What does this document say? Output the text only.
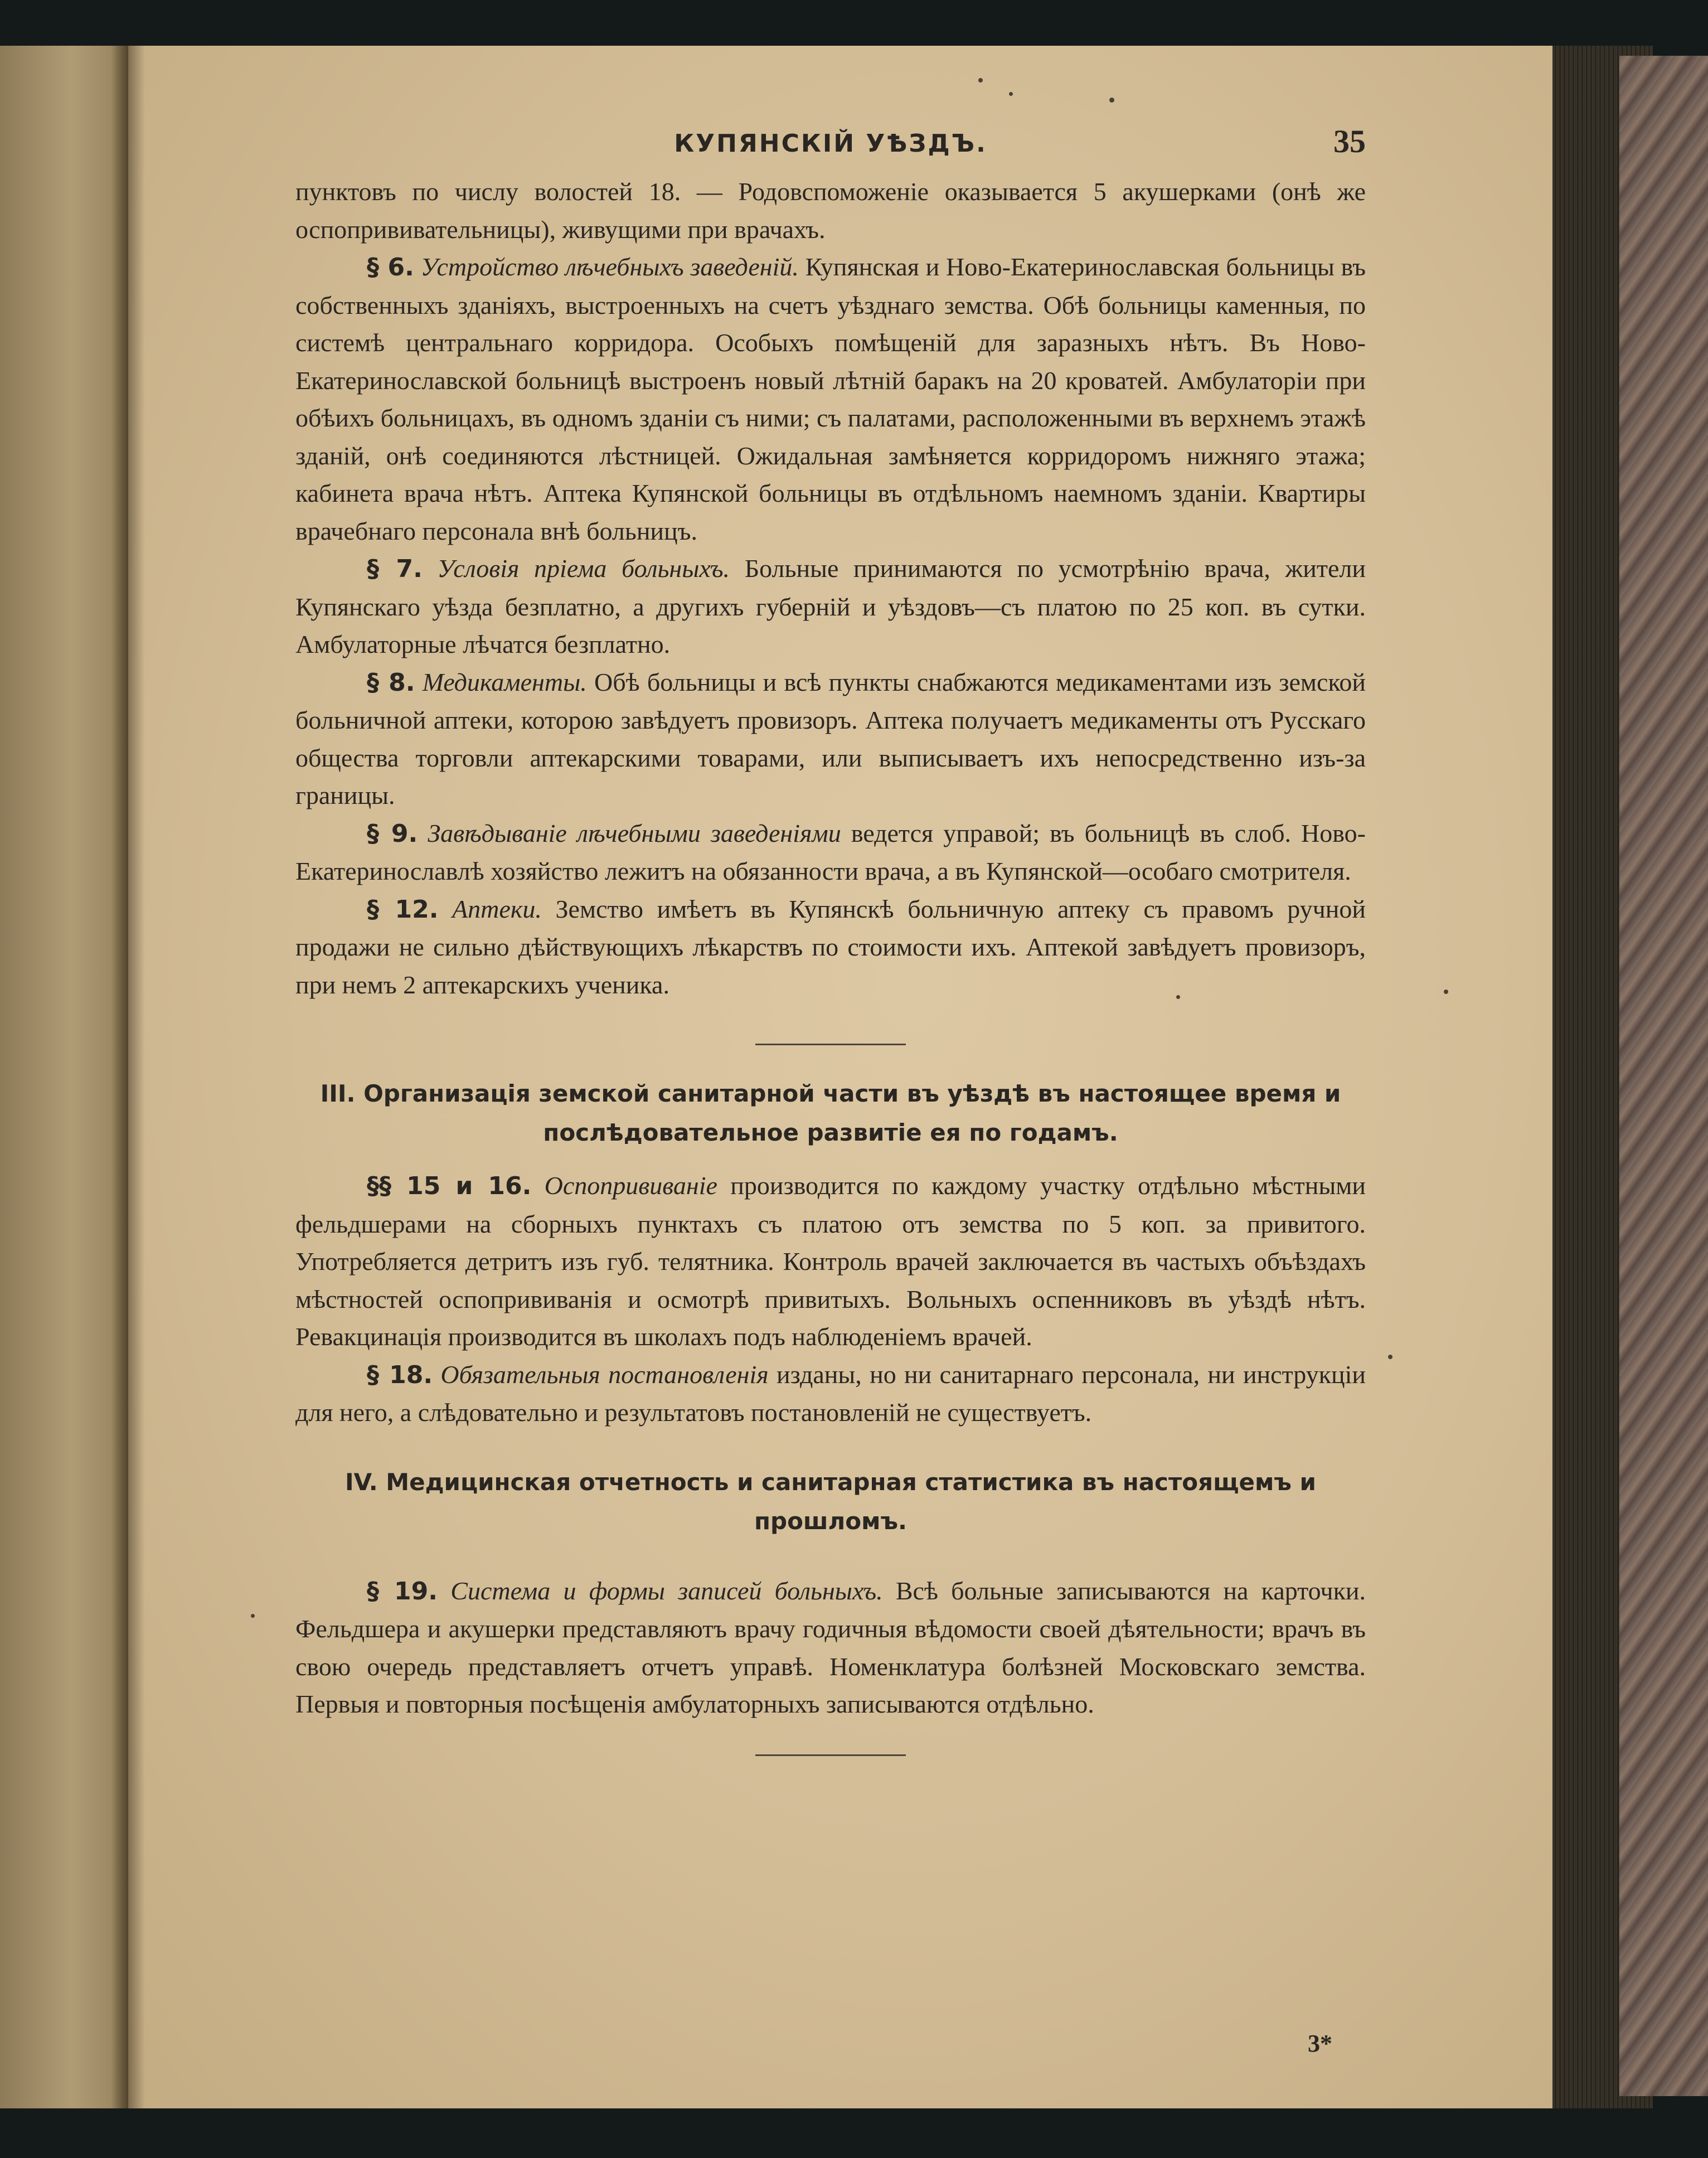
КУПЯНСКІЙ УѢЗДЪ.	35

пунктовъ по числу волостей 18. — Родовспоможеніе оказывается 5 акушерками (онѣ же оспопрививательницы), живущими при врачахъ.

§ 6. Устройство лѣчебныхъ заведеній. Купянская и Ново-Екатеринославская больницы въ собственныхъ зданіяхъ, выстроенныхъ на счетъ уѣзднаго земства. Обѣ больницы каменныя, по системѣ центральнаго корридора. Особыхъ помѣщеній для заразныхъ нѣтъ. Въ Ново-Екатеринославской больницѣ выстроенъ новый лѣтній баракъ на 20 кроватей. Амбулаторіи при обѣихъ больницахъ, въ одномъ зданіи съ ними; съ палатами, расположенными въ верхнемъ этажѣ зданій, онѣ соединяются лѣстницей. Ожидальная замѣняется корридоромъ нижняго этажа; кабинета врача нѣтъ. Аптека Купянской больницы въ отдѣльномъ наемномъ зданіи. Квартиры врачебнаго персонала внѣ больницъ.

§ 7. Условія пріема больныхъ. Больные принимаются по усмотрѣнію врача, жители Купянскаго уѣзда безплатно, а другихъ губерній и уѣздовъ—съ платою по 25 коп. въ сутки. Амбулаторные лѣчатся безплатно.

§ 8. Медикаменты. Обѣ больницы и всѣ пункты снабжаются медикаментами изъ земской больничной аптеки, которою завѣдуетъ провизоръ. Аптека получаетъ медикаменты отъ Русскаго общества торговли аптекарскими товарами, или выписываетъ ихъ непосредственно изъ-за границы.

§ 9. Завѣдываніе лѣчебными заведеніями ведется управой; въ больницѣ въ слоб. Ново-Екатеринославлѣ хозяйство лежитъ на обязанности врача, а въ Купянской—особаго смотрителя.

§ 12. Аптеки. Земство имѣетъ въ Купянскѣ больничную аптеку съ правомъ ручной продажи не сильно дѣйствующихъ лѣкарствъ по стоимости ихъ. Аптекой завѣдуетъ провизоръ, при немъ 2 аптекарскихъ ученика.

III. Организація земской санитарной части въ уѣздѣ въ настоящее время и послѣдовательное развитіе ея по годамъ.

§§ 15 и 16. Оспопрививаніе производится по каждому участку отдѣльно мѣстными фельдшерами на сборныхъ пунктахъ съ платою отъ земства по 5 коп. за привитого. Употребляется детритъ изъ губ. телятника. Контроль врачей заключается въ частыхъ объѣздахъ мѣстностей оспопрививанія и осмотрѣ привитыхъ. Вольныхъ оспенниковъ въ уѣздѣ нѣтъ. Ревакцинація производится въ школахъ подъ наблюденіемъ врачей.

§ 18. Обязательныя постановленія изданы, но ни санитарнаго персонала, ни инструкціи для него, а слѣдовательно и результатовъ постановленій не существуетъ.

IV. Медицинская отчетность и санитарная статистика въ настоящемъ и прошломъ.

§ 19. Система и формы записей больныхъ. Всѣ больные записываются на карточки. Фельдшера и акушерки представляютъ врачу годичныя вѣдомости своей дѣятельности; врачъ въ свою очередь представляетъ отчетъ управѣ. Номенклатура болѣзней Московскаго земства. Первыя и повторныя посѣщенія амбулаторныхъ записываются отдѣльно.

3*
